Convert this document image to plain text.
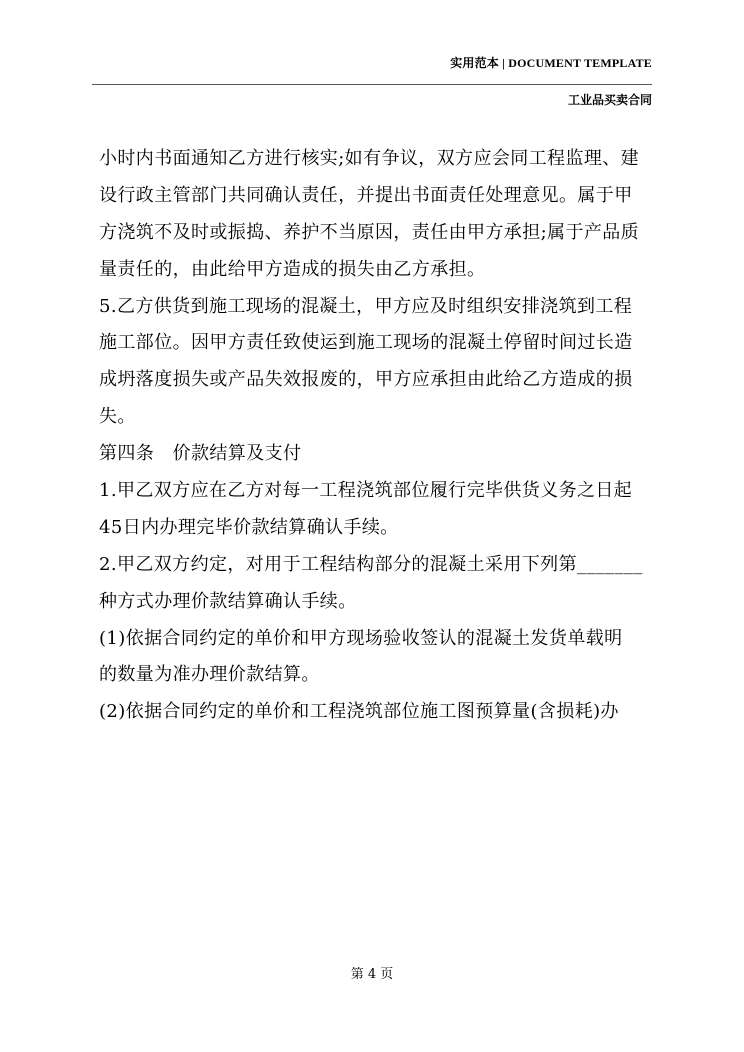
实用范本 | DOCUMENT TEMPLATE
工业品买卖合同
小时内书面通知乙方进行核实;如有争议，双方应会同工程监理、建
设行政主管部门共同确认责任，并提出书面责任处理意见。属于甲
方浇筑不及时或振捣、养护不当原因，责任由甲方承担;属于产品质
量责任的，由此给甲方造成的损失由乙方承担。
5.乙方供货到施工现场的混凝土，甲方应及时组织安排浇筑到工程
施工部位。因甲方责任致使运到施工现场的混凝土停留时间过长造
成坍落度损失或产品失效报废的，甲方应承担由此给乙方造成的损
失。
第四条　价款结算及支付
1.甲乙双方应在乙方对每一工程浇筑部位履行完毕供货义务之日起
45日内办理完毕价款结算确认手续。
2.甲乙双方约定，对用于工程结构部分的混凝土采用下列第_______
种方式办理价款结算确认手续。
(1)依据合同约定的单价和甲方现场验收签认的混凝土发货单载明
的数量为准办理价款结算。
(2)依据合同约定的单价和工程浇筑部位施工图预算量(含损耗)办
第 4 页
